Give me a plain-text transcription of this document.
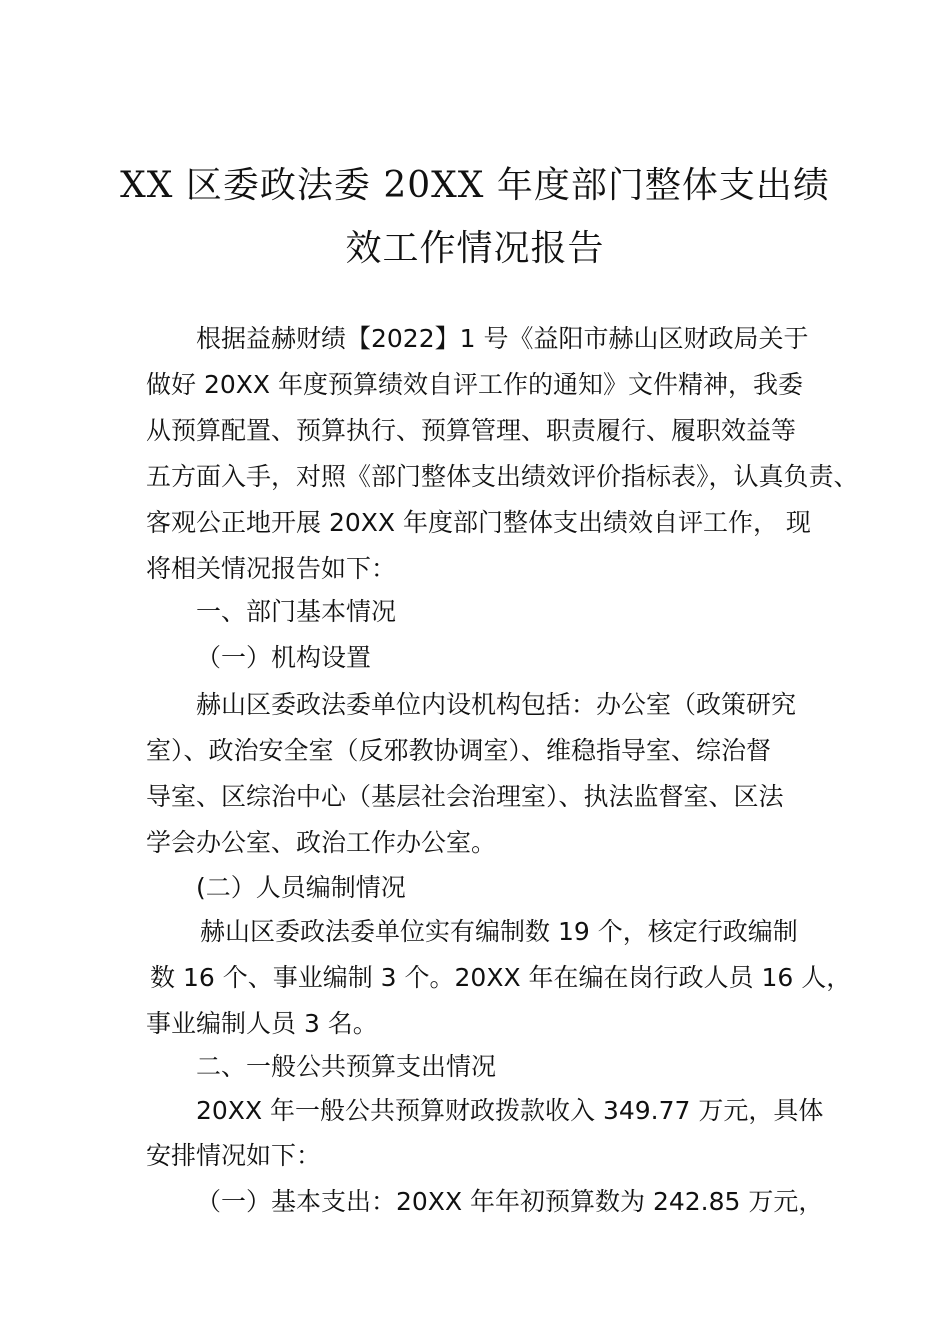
XX 区委政法委 20XX 年度部门整体支出绩
效工作情况报告
根据益赫财绩【2022】1 号《益阳市赫山区财政局关于
做好 20XX 年度预算绩效自评工作的通知》文件精神，我委
从预算配置、预算执行、预算管理、职责履行、履职效益等
五方面入手，对照《部门整体支出绩效评价指标表》，认真负责、
客观公正地开展 20XX 年度部门整体支出绩效自评工作， 现
将相关情况报告如下：
一、部门基本情况
（一）机构设置
赫山区委政法委单位内设机构包括：办公室（政策研究
室）、政治安全室（反邪教协调室）、维稳指导室、综治督
导室、区综治中心（基层社会治理室）、执法监督室、区法
学会办公室、政治工作办公室。
(二）人员编制情况
赫山区委政法委单位实有编制数 19 个，核定行政编制
数 16 个、事业编制 3 个。20XX 年在编在岗行政人员 16 人，
事业编制人员 3 名。
二、一般公共预算支出情况
20XX 年一般公共预算财政拨款收入 349.77 万元，具体
安排情况如下：
（一）基本支出：20XX 年年初预算数为 242.85 万元，
